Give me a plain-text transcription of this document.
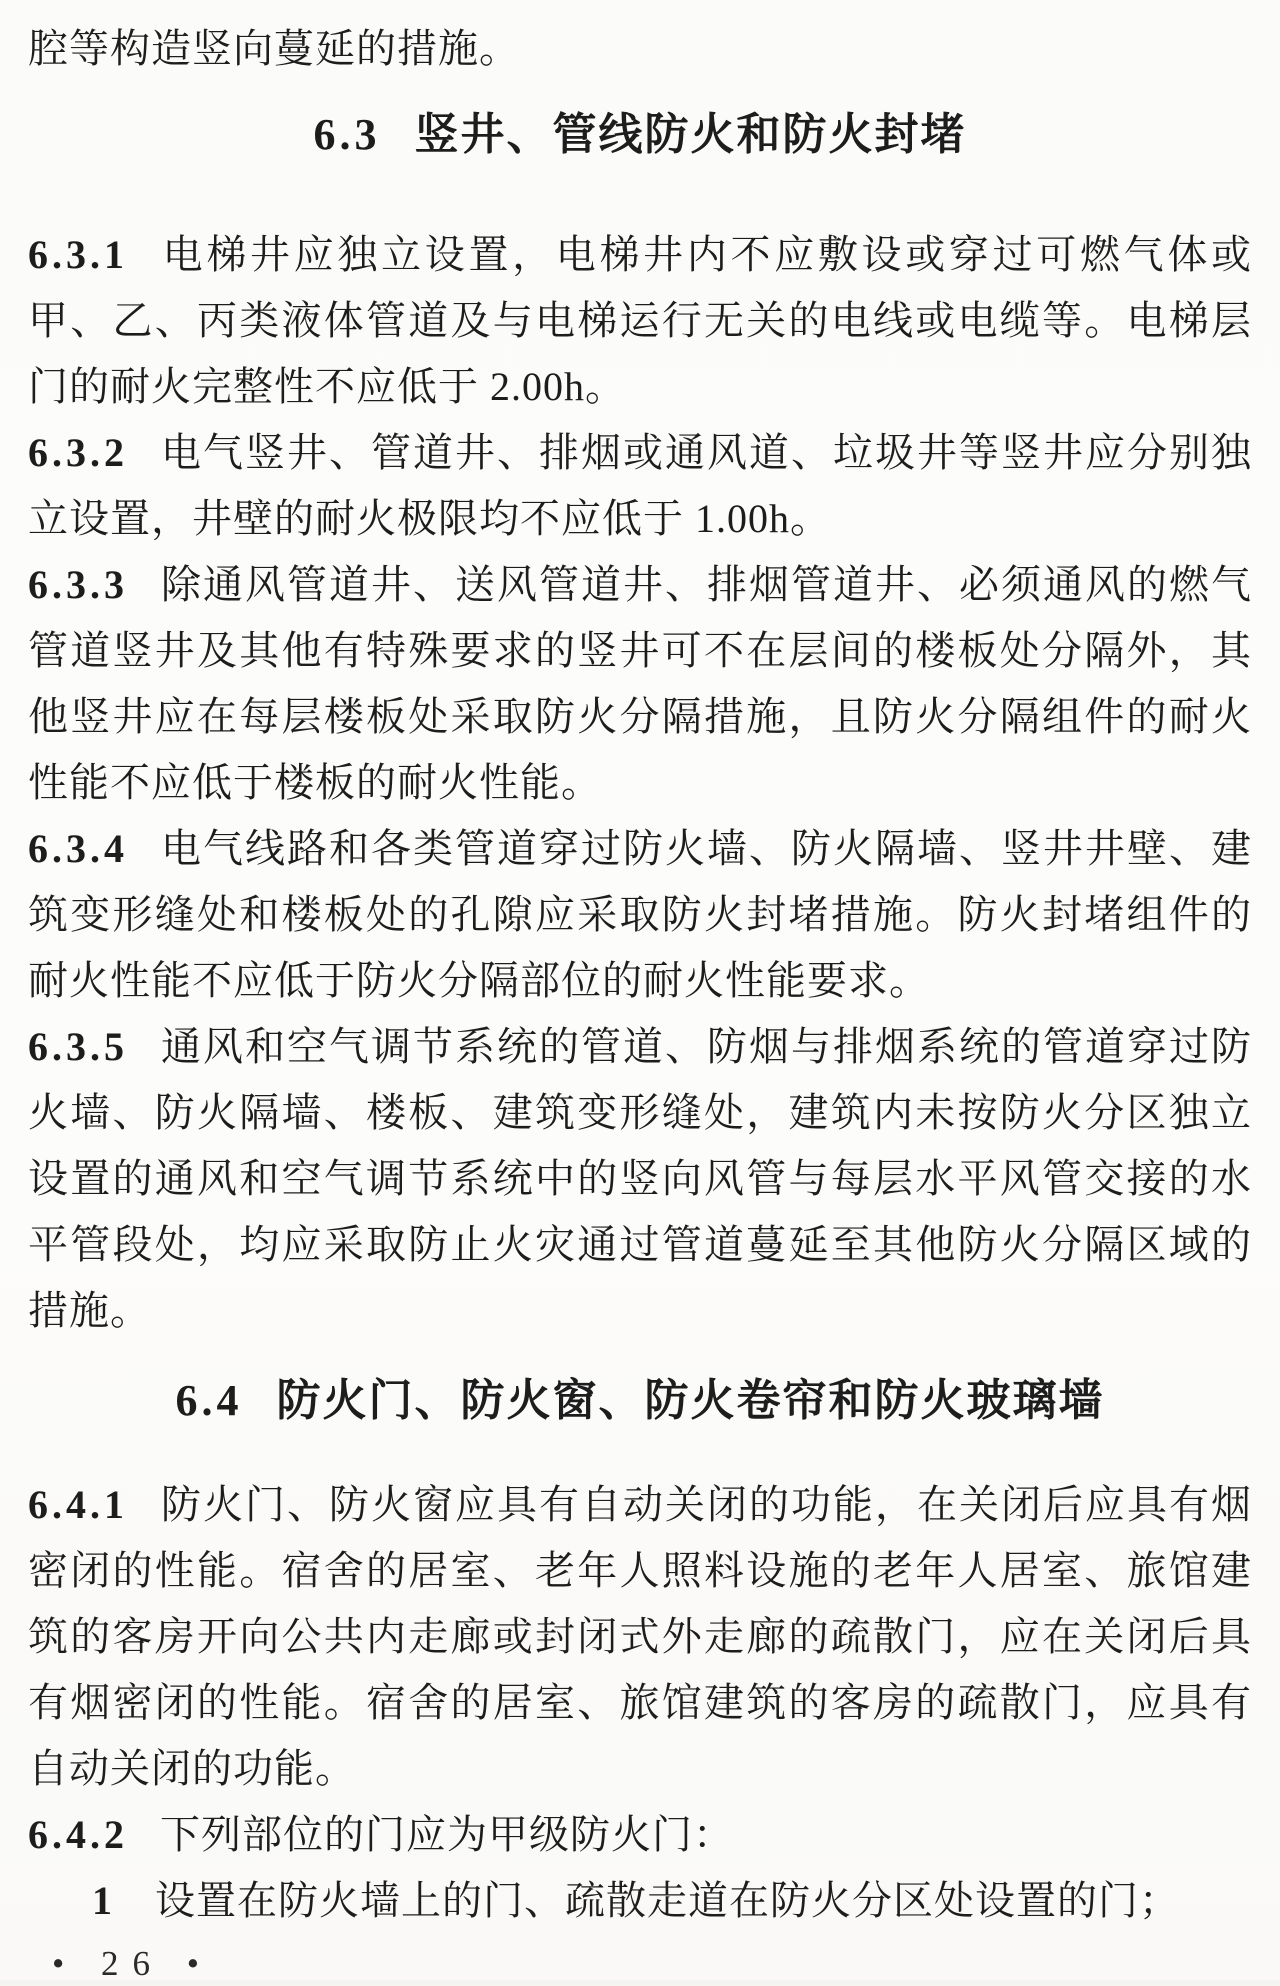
腔等构造竖向蔓延的措施。

6.3 竖井、管线防火和防火封堵

6.3.1 电梯井应独立设置，电梯井内不应敷设或穿过可燃气体或甲、乙、丙类液体管道及与电梯运行无关的电线或电缆等。电梯层门的耐火完整性不应低于 2.00h。

6.3.2 电气竖井、管道井、排烟或通风道、垃圾井等竖井应分别独立设置，井壁的耐火极限均不应低于 1.00h。

6.3.3 除通风管道井、送风管道井、排烟管道井、必须通风的燃气管道竖井及其他有特殊要求的竖井可不在层间的楼板处分隔外，其他竖井应在每层楼板处采取防火分隔措施，且防火分隔组件的耐火性能不应低于楼板的耐火性能。

6.3.4 电气线路和各类管道穿过防火墙、防火隔墙、竖井井壁、建筑变形缝处和楼板处的孔隙应采取防火封堵措施。防火封堵组件的耐火性能不应低于防火分隔部位的耐火性能要求。

6.3.5 通风和空气调节系统的管道、防烟与排烟系统的管道穿过防火墙、防火隔墙、楼板、建筑变形缝处，建筑内未按防火分区独立设置的通风和空气调节系统中的竖向风管与每层水平风管交接的水平管段处，均应采取防止火灾通过管道蔓延至其他防火分隔区域的措施。

6.4 防火门、防火窗、防火卷帘和防火玻璃墙

6.4.1 防火门、防火窗应具有自动关闭的功能，在关闭后应具有烟密闭的性能。宿舍的居室、老年人照料设施的老年人居室、旅馆建筑的客房开向公共内走廊或封闭式外走廊的疏散门，应在关闭后具有烟密闭的性能。宿舍的居室、旅馆建筑的客房的疏散门，应具有自动关闭的功能。

6.4.2 下列部位的门应为甲级防火门：

1 设置在防火墙上的门、疏散走道在防火分区处设置的门；

• 26 •
